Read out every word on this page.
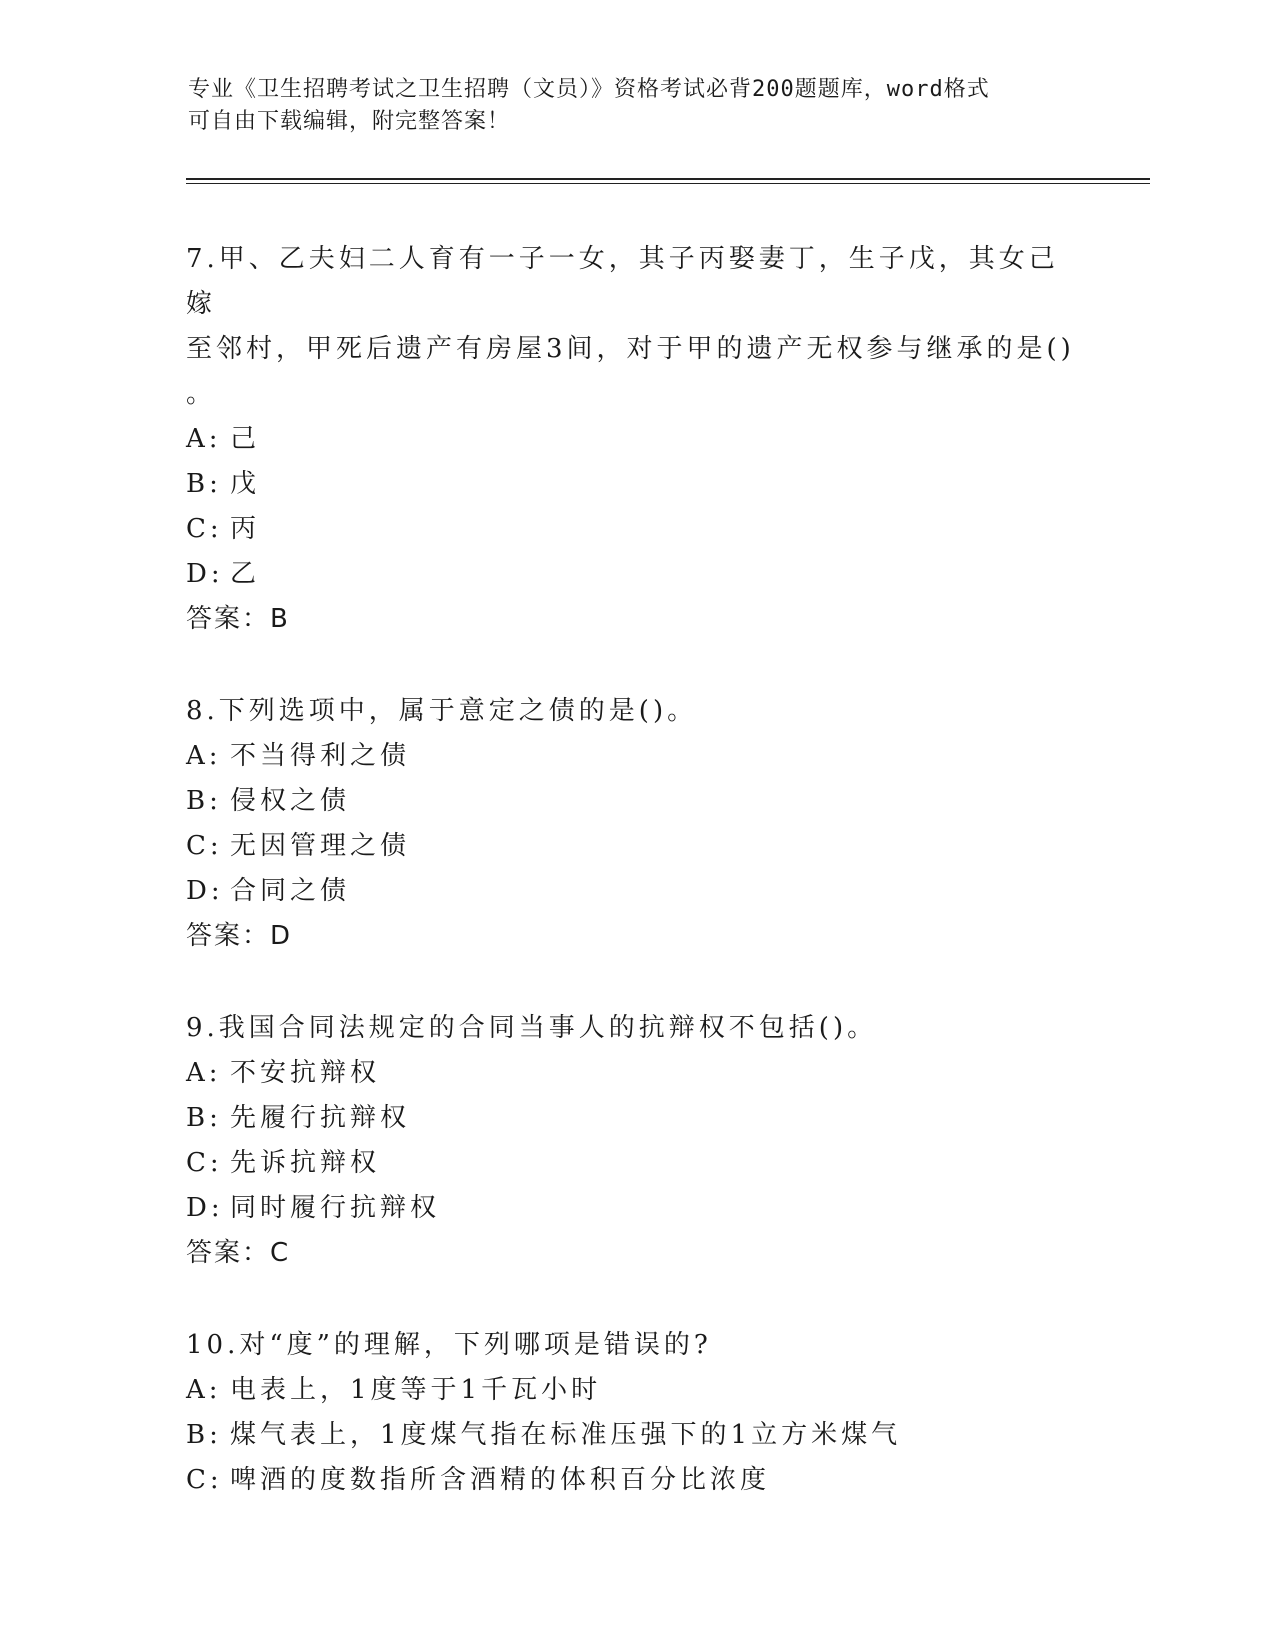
专业《卫生招聘考试之卫生招聘（文员）》资格考试必背200题题库，word格式
可自由下载编辑，附完整答案！
7.甲、乙夫妇二人育有一子一女，其子丙娶妻丁，生子戊，其女己嫁
至邻村，甲死后遗产有房屋3间，对于甲的遗产无权参与继承的是()
。
A: 己
B: 戊
C: 丙
D: 乙
答案：B
8.下列选项中，属于意定之债的是()。
A: 不当得利之债
B: 侵权之债
C: 无因管理之债
D: 合同之债
答案：D
9.我国合同法规定的合同当事人的抗辩权不包括()。
A: 不安抗辩权
B: 先履行抗辩权
C: 先诉抗辩权
D: 同时履行抗辩权
答案：C
10.对“度”的理解，下列哪项是错误的?
A: 电表上，1度等于1千瓦小时
B: 煤气表上，1度煤气指在标准压强下的1立方米煤气
C: 啤酒的度数指所含酒精的体积百分比浓度
